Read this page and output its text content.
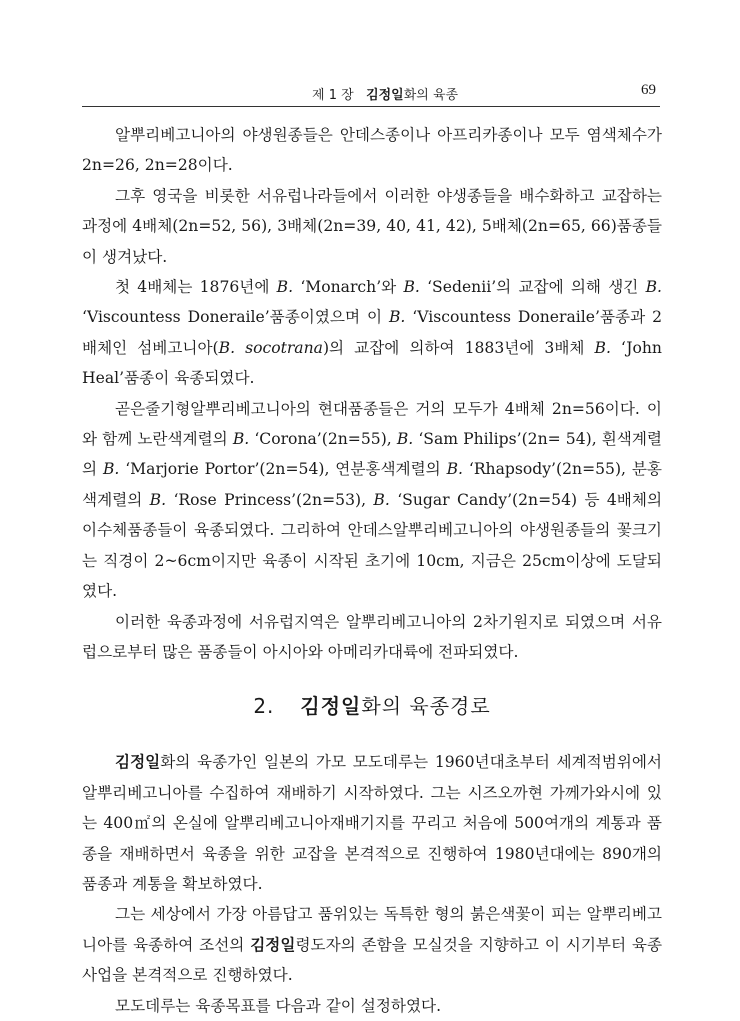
제 1 장 김정일화의 육종	69

알뿌리베고니아의 야생원종들은 안데스종이나 아프리카종이나 모두 염색체수가 2n=26, 2n=28이다.

그후 영국을 비롯한 서유럽나라들에서 이러한 야생종들을 배수화하고 교잡하는 과정에 4배체(2n=52, 56), 3배체(2n=39, 40, 41, 42), 5배체(2n=65, 66)품종들이 생겨났다.

첫 4배체는 1876년에 B. ‘Monarch’와 B. ‘Sedenii’의 교잡에 의해 생긴 B. ‘Viscountess Doneraile’품종이였으며 이 B. ‘Viscountess Doneraile’품종과 2배체인 섬베고니아(B. socotrana)의 교잡에 의하여 1883년에 3배체 B. ‘John Heal’품종이 육종되였다.

곧은줄기형알뿌리베고니아의 현대품종들은 거의 모두가 4배체 2n=56이다. 이와 함께 노란색계렬의 B. ‘Corona’(2n=55), B. ‘Sam Philips’(2n= 54), 흰색계렬의 B. ‘Marjorie Portor’(2n=54), 연분홍색계렬의 B. ‘Rhapsody’(2n=55), 분홍색계렬의 B. ‘Rose Princess’(2n=53), B. ‘Sugar Candy’(2n=54) 등 4배체의 이수체품종들이 육종되였다. 그리하여 안데스알뿌리베고니아의 야생원종들의 꽃크기는 직경이 2~6cm이지만 육종이 시작된 초기에 10cm, 지금은 25cm이상에 도달되였다.

이러한 육종과정에 서유럽지역은 알뿌리베고니아의 2차기원지로 되였으며 서유럽으로부터 많은 품종들이 아시아와 아메리카대륙에 전파되였다.

2. 김정일화의 육종경로

김정일화의 육종가인 일본의 가모 모도데루는 1960년대초부터 세계적범위에서 알뿌리베고니아를 수집하여 재배하기 시작하였다. 그는 시즈오까현 가께가와시에 있는 400㎡의 온실에 알뿌리베고니아재배기지를 꾸리고 처음에 500여개의 계통과 품종을 재배하면서 육종을 위한 교잡을 본격적으로 진행하여 1980년대에는 890개의 품종과 계통을 확보하였다.

그는 세상에서 가장 아름답고 품위있는 독특한 형의 붉은색꽃이 피는 알뿌리베고니아를 육종하여 조선의 김정일령도자의 존함을 모실것을 지향하고 이 시기부터 육종사업을 본격적으로 진행하였다.

모도데루는 육종목표를 다음과 같이 설정하였다.
